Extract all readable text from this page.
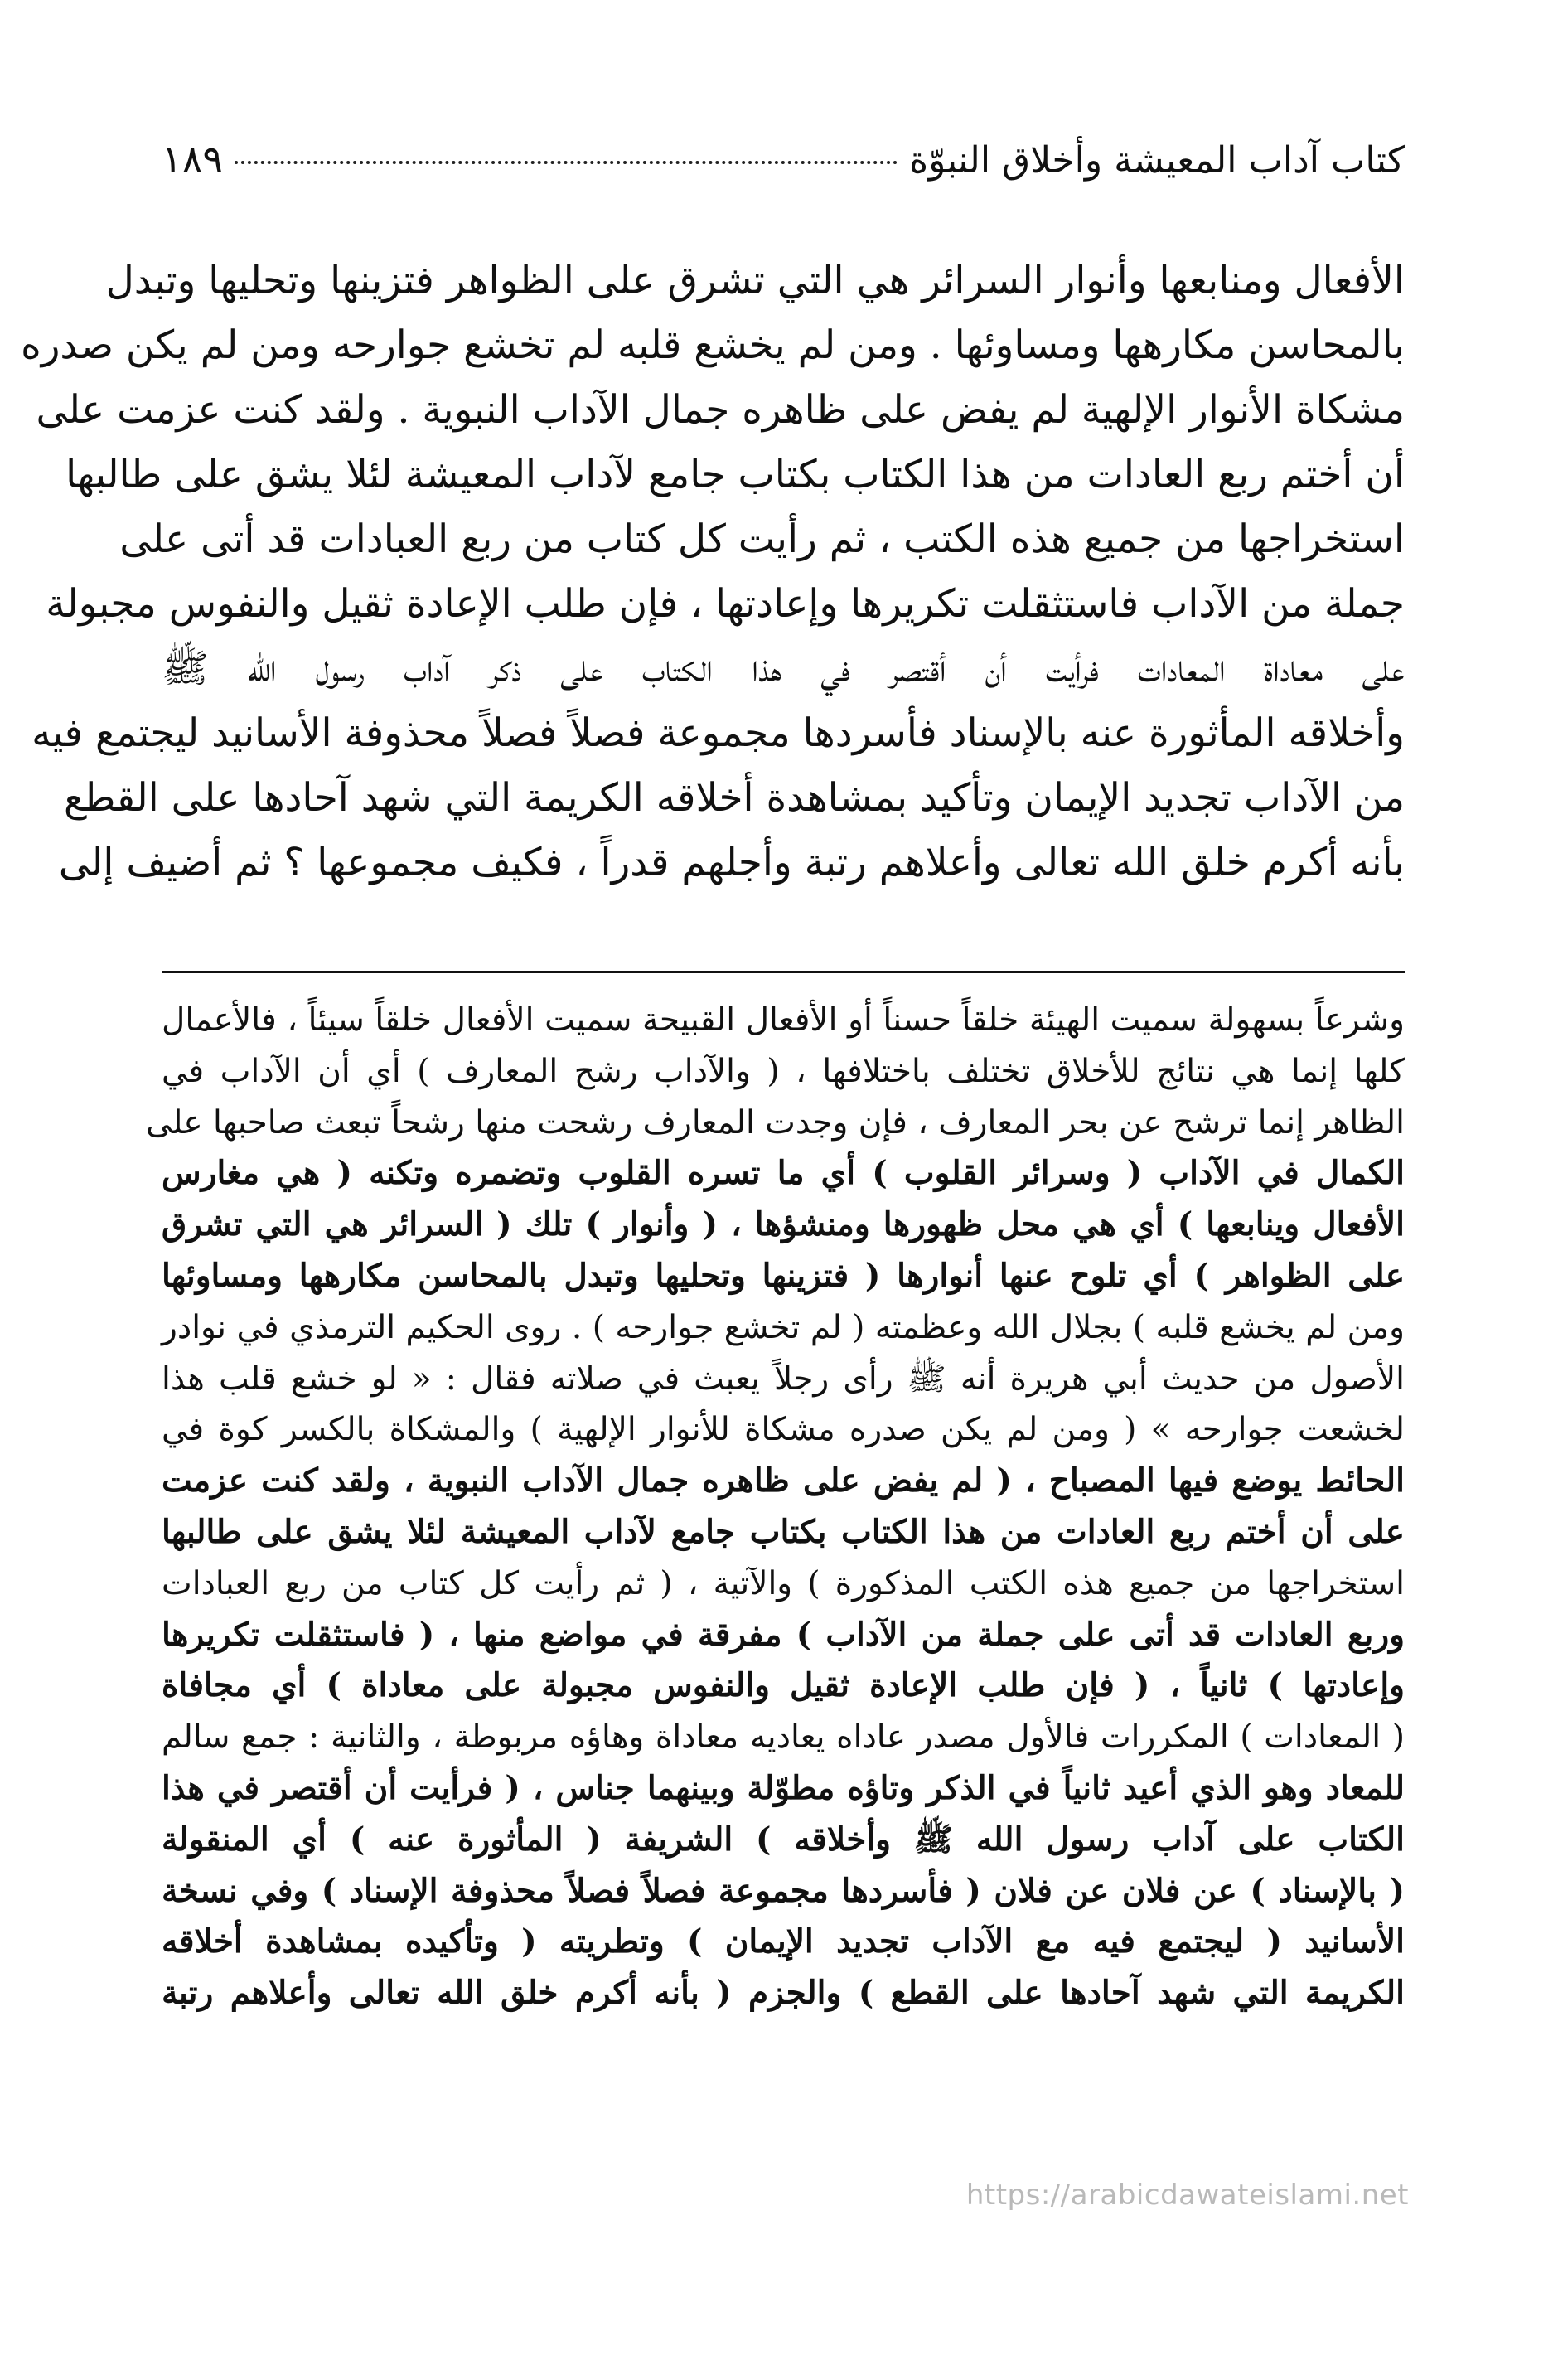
كتاب آداب المعيشة وأخلاق النبوّة
١٨٩
الأفعال ومنابعها وأنوار السرائر هي التي تشرق على الظواهر فتزينها وتحليها وتبدل
بالمحاسن مكارهها ومساوئها . ومن لم يخشع قلبه لم تخشع جوارحه ومن لم يكن صدره
مشكاة الأنوار الإلهية لم يفض على ظاهره جمال الآداب النبوية . ولقد كنت عزمت على
أن أختم ربع العادات من هذا الكتاب بكتاب جامع لآداب المعيشة لئلا يشق على طالبها
استخراجها من جميع هذه الكتب ، ثم رأيت كل كتاب من ربع العبادات قد أتى على
جملة من الآداب فاستثقلت تكريرها وإعادتها ، فإن طلب الإعادة ثقيل والنفوس مجبولة
على معاداة المعادات فرأيت أن أقتصر في هذا الكتاب على ذكر آداب رسول الله ﷺ
وأخلاقه المأثورة عنه بالإسناد فأسردها مجموعة فصلاً فصلاً محذوفة الأسانيد ليجتمع فيه
من الآداب تجديد الإيمان وتأكيد بمشاهدة أخلاقه الكريمة التي شهد آحادها على القطع
بأنه أكرم خلق الله تعالى وأعلاهم رتبة وأجلهم قدراً ، فكيف مجموعها ؟ ثم أضيف إلى
وشرعاً بسهولة سميت الهيئة خلقاً حسناً أو الأفعال القبيحة سميت الأفعال خلقاً سيئاً ، فالأعمال
كلها إنما هي نتائج للأخلاق تختلف باختلافها ، ( والآداب رشح المعارف ) أي أن الآداب في
الظاهر إنما ترشح عن بحر المعارف ، فإن وجدت المعارف رشحت منها رشحاً تبعث صاحبها على
الكمال في الآداب ( وسرائر القلوب ) أي ما تسره القلوب وتضمره وتكنه ( هي مغارس
الأفعال وينابعها ) أي هي محل ظهورها ومنشؤها ، ( وأنوار ) تلك ( السرائر هي التي تشرق
على الظواهر ) أي تلوح عنها أنوارها ( فتزينها وتحليها وتبدل بالمحاسن مكارهها ومساوئها
ومن لم يخشع قلبه ) بجلال الله وعظمته ( لم تخشع جوارحه ) . روى الحكيم الترمذي في نوادر
الأصول من حديث أبي هريرة أنه ﷺ رأى رجلاً يعبث في صلاته فقال : « لو خشع قلب هذا
لخشعت جوارحه » ( ومن لم يكن صدره مشكاة للأنوار الإلهية ) والمشكاة بالكسر كوة في
الحائط يوضع فيها المصباح ، ( لم يفض على ظاهره جمال الآداب النبوية ، ولقد كنت عزمت
على أن أختم ربع العادات من هذا الكتاب بكتاب جامع لآداب المعيشة لئلا يشق على طالبها
استخراجها من جميع هذه الكتب المذكورة ) والآتية ، ( ثم رأيت كل كتاب من ربع العبادات
وربع العادات قد أتى على جملة من الآداب ) مفرقة في مواضع منها ، ( فاستثقلت تكريرها
وإعادتها ) ثانياً ، ( فإن طلب الإعادة ثقيل والنفوس مجبولة على معاداة ) أي مجافاة
( المعادات ) المكررات فالأول مصدر عاداه يعاديه معاداة وهاؤه مربوطة ، والثانية : جمع سالم
للمعاد وهو الذي أعيد ثانياً في الذكر وتاؤه مطوّلة وبينهما جناس ، ( فرأيت أن أقتصر في هذا
الكتاب على آداب رسول الله ﷺ وأخلاقه ) الشريفة ( المأثورة عنه ) أي المنقولة
( بالإسناد ) عن فلان عن فلان ( فأسردها مجموعة فصلاً فصلاً محذوفة الإسناد ) وفي نسخة
الأسانيد ( ليجتمع فيه مع الآداب تجديد الإيمان ) وتطريته ( وتأكيده بمشاهدة أخلاقه
الكريمة التي شهد آحادها على القطع ) والجزم ( بأنه أكرم خلق الله تعالى وأعلاهم رتبة
https://arabicdawateislami.net
